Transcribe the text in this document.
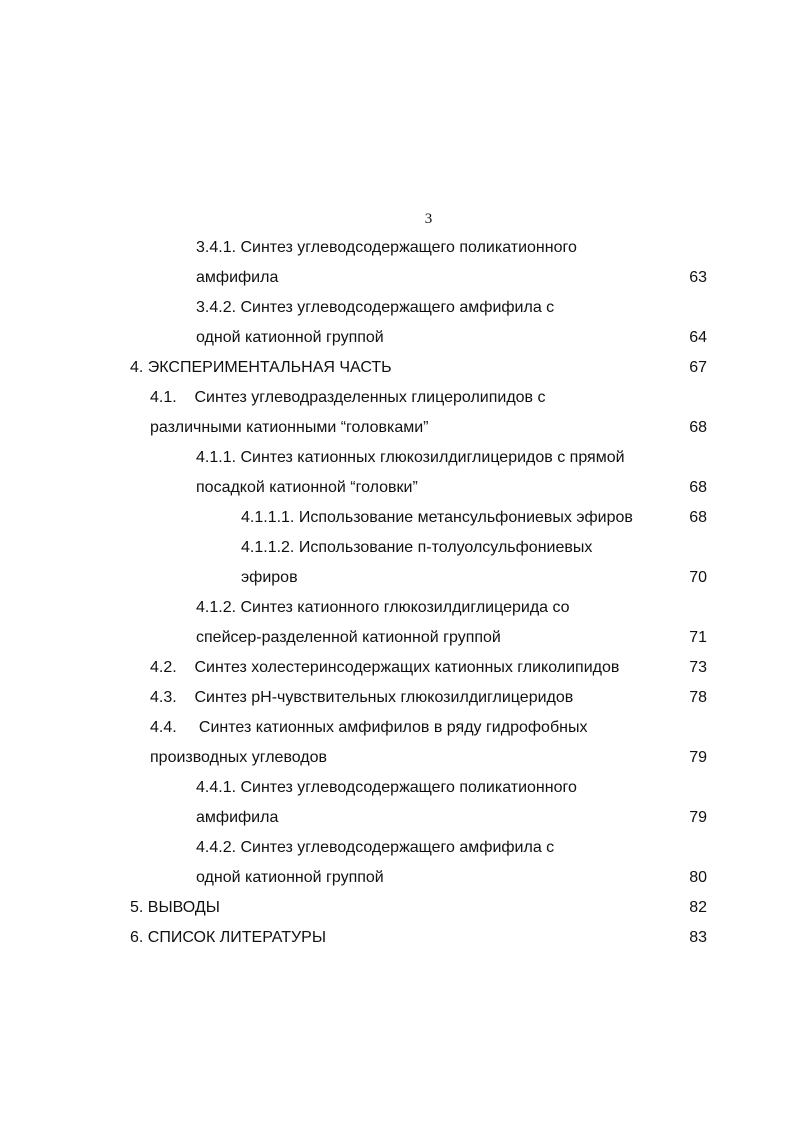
3
3.4.1. Синтез углеводсодержащего поликатионного
амфифила	63
3.4.2. Синтез углеводсодержащего амфифила с
одной катионной группой	64
4. ЭКСПЕРИМЕНТАЛЬНАЯ ЧАСТЬ	67
4.1.    Синтез углеводразделенных глицеролипидов с
различными катионными “головками”	68
4.1.1. Синтез катионных глюкозилдиглицеридов с прямой
посадкой катионной “головки”	68
4.1.1.1. Использование метансульфониевых эфиров	68
4.1.1.2. Использование п-толуолсульфониевых
эфиров	70
4.1.2. Синтез катионного глюкозилдиглицерида со
спейсер-разделенной катионной группой	71
4.2.    Синтез холестеринсодержащих катионных гликолипидов	73
4.3.    Синтез pH-чувствительных глюкозилдиглицеридов	78
4.4.     Синтез катионных амфифилов в ряду гидрофобных
производных углеводов	79
4.4.1. Синтез углеводсодержащего поликатионного
амфифила	79
4.4.2. Синтез углеводсодержащего амфифила с
одной катионной группой	80
5. ВЫВОДЫ	82
6. СПИСОК ЛИТЕРАТУРЫ	83
